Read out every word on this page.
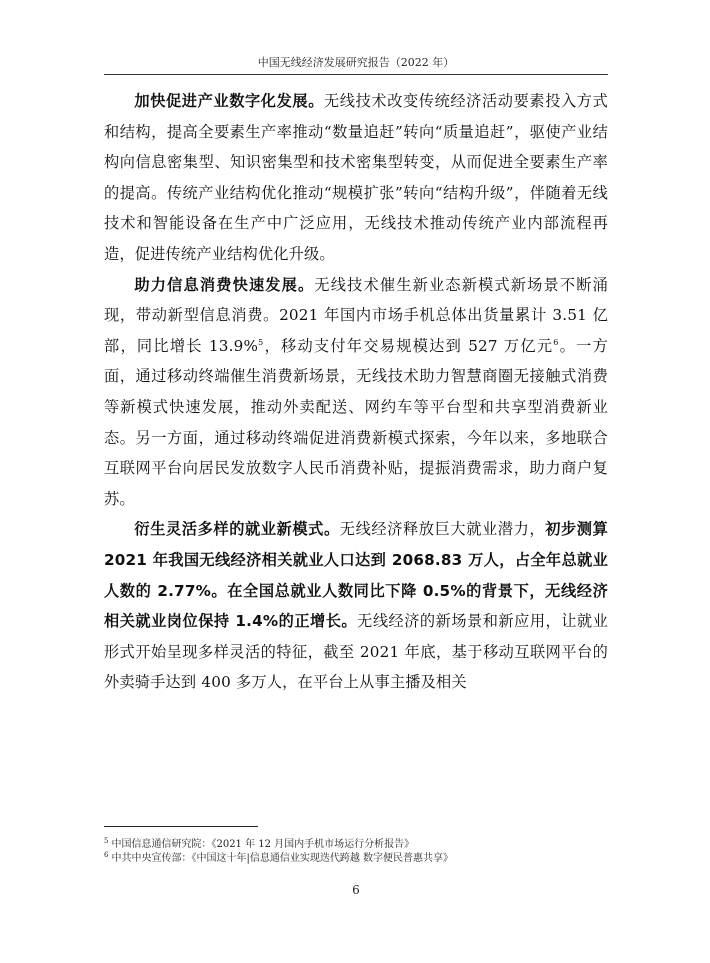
中国无线经济发展研究报告（2022 年）

加快促进产业数字化发展。无线技术改变传统经济活动要素投入方式和结构，提高全要素生产率推动“数量追赶”转向“质量追赶”，驱使产业结构向信息密集型、知识密集型和技术密集型转变，从而促进全要素生产率的提高。传统产业结构优化推动“规模扩张”转向“结构升级”，伴随着无线技术和智能设备在生产中广泛应用，无线技术推动传统产业内部流程再造，促进传统产业结构优化升级。

助力信息消费快速发展。无线技术催生新业态新模式新场景不断涌现，带动新型信息消费。2021 年国内市场手机总体出货量累计 3.51 亿部，同比增长 13.9%$^5$，移动支付年交易规模达到 527 万亿元$^6$。一方面，通过移动终端催生消费新场景，无线技术助力智慧商圈无接触式消费等新模式快速发展，推动外卖配送、网约车等平台型和共享型消费新业态。另一方面，通过移动终端促进消费新模式探索，今年以来，多地联合互联网平台向居民发放数字人民币消费补贴，提振消费需求，助力商户复苏。

衍生灵活多样的就业新模式。无线经济释放巨大就业潜力，初步测算 2021 年我国无线经济相关就业人口达到 2068.83 万人，占全年总就业人数的 2.77%。在全国总就业人数同比下降 0.5%的背景下，无线经济相关就业岗位保持 1.4%的正增长。无线经济的新场景和新应用，让就业形式开始呈现多样灵活的特征，截至 2021 年底，基于移动互联网平台的外卖骑手达到 400 多万人，在平台上从事主播及相关

$^5$ 中国信息通信研究院：《2021 年 12 月国内手机市场运行分析报告》
$^6$ 中共中央宣传部：《中国这十年|信息通信业实现迭代跨越 数字便民普惠共享》
6
